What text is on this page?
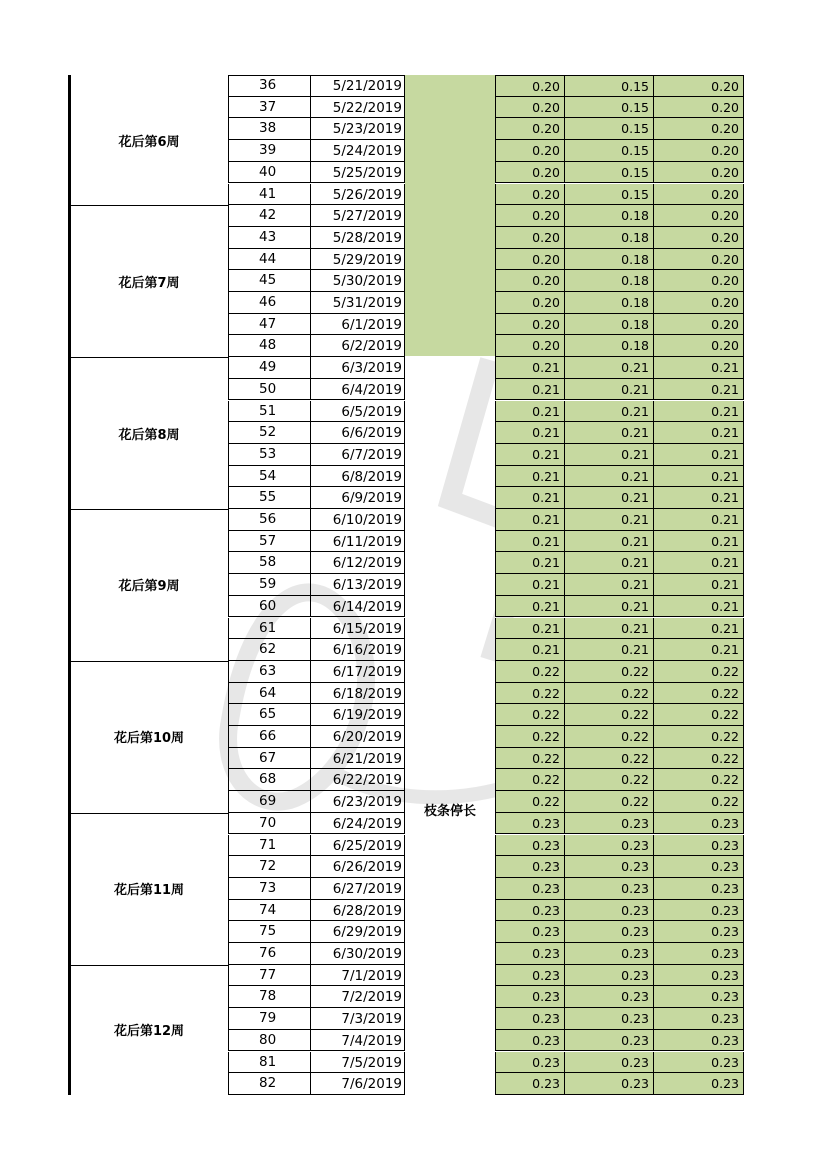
枝条停长
花后第6周
36	5/21/2019	0.20	0.15	0.20
37	5/22/2019	0.20	0.15	0.20
38	5/23/2019	0.20	0.15	0.20
39	5/24/2019	0.20	0.15	0.20
40	5/25/2019	0.20	0.15	0.20
41	5/26/2019	0.20	0.15	0.20
花后第7周
42	5/27/2019	0.20	0.18	0.20
43	5/28/2019	0.20	0.18	0.20
44	5/29/2019	0.20	0.18	0.20
45	5/30/2019	0.20	0.18	0.20
46	5/31/2019	0.20	0.18	0.20
47	6/1/2019	0.20	0.18	0.20
48	6/2/2019	0.20	0.18	0.20
花后第8周
49	6/3/2019	0.21	0.21	0.21
50	6/4/2019	0.21	0.21	0.21
51	6/5/2019	0.21	0.21	0.21
52	6/6/2019	0.21	0.21	0.21
53	6/7/2019	0.21	0.21	0.21
54	6/8/2019	0.21	0.21	0.21
55	6/9/2019	0.21	0.21	0.21
花后第9周
56	6/10/2019	0.21	0.21	0.21
57	6/11/2019	0.21	0.21	0.21
58	6/12/2019	0.21	0.21	0.21
59	6/13/2019	0.21	0.21	0.21
60	6/14/2019	0.21	0.21	0.21
61	6/15/2019	0.21	0.21	0.21
62	6/16/2019	0.21	0.21	0.21
花后第10周
63	6/17/2019	0.22	0.22	0.22
64	6/18/2019	0.22	0.22	0.22
65	6/19/2019	0.22	0.22	0.22
66	6/20/2019	0.22	0.22	0.22
67	6/21/2019	0.22	0.22	0.22
68	6/22/2019	0.22	0.22	0.22
69	6/23/2019	0.22	0.22	0.22
花后第11周
70	6/24/2019	0.23	0.23	0.23
71	6/25/2019	0.23	0.23	0.23
72	6/26/2019	0.23	0.23	0.23
73	6/27/2019	0.23	0.23	0.23
74	6/28/2019	0.23	0.23	0.23
75	6/29/2019	0.23	0.23	0.23
76	6/30/2019	0.23	0.23	0.23
花后第12周
77	7/1/2019	0.23	0.23	0.23
78	7/2/2019	0.23	0.23	0.23
79	7/3/2019	0.23	0.23	0.23
80	7/4/2019	0.23	0.23	0.23
81	7/5/2019	0.23	0.23	0.23
82	7/6/2019	0.23	0.23	0.23
